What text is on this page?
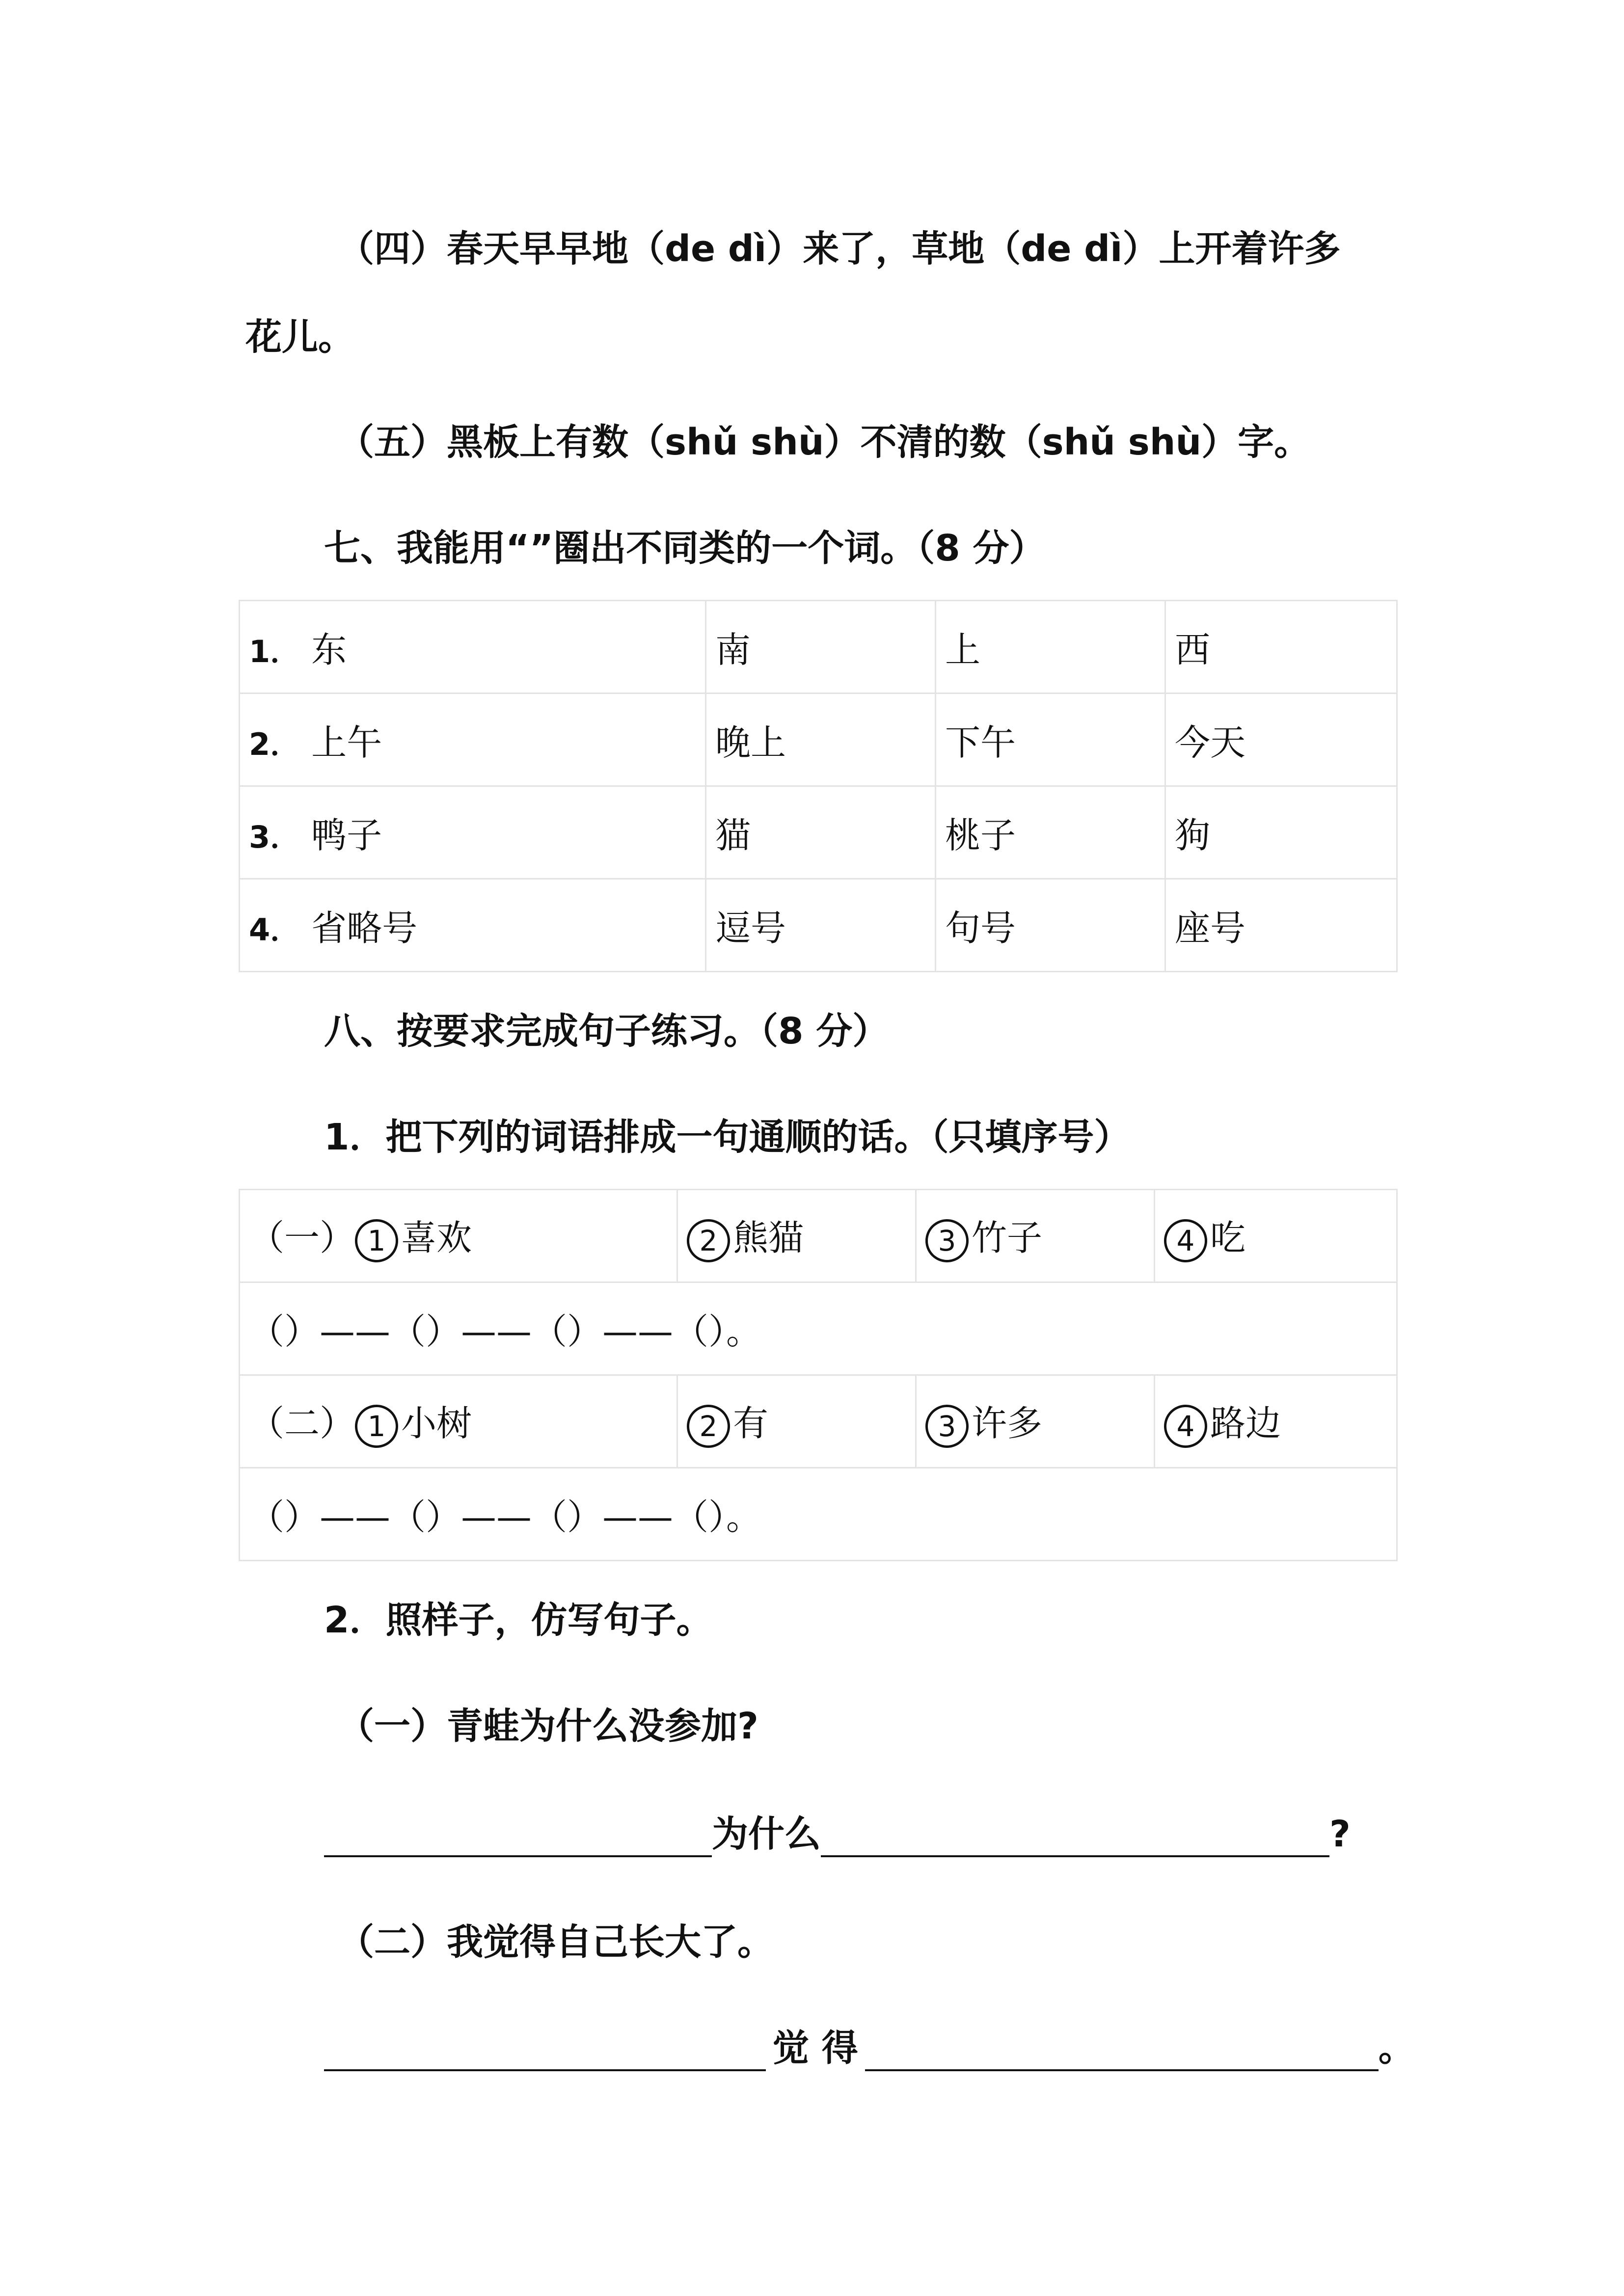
（四）春天早早地（de dì）来了，草地（de dì）上开着许多
花儿。
（五）黑板上有数（shǔ shù）不清的数（shǔ shù）字。
七、我能用“”圈出不同类的一个词。（8 分）
1． 东	南	上	西
2． 上午	晚上	下午	今天
3． 鸭子	猫	桃子	狗
4． 省略号	逗号	句号	座号
八、按要求完成句子练习。（8 分）
1．把下列的词语排成一句通顺的话。（只填序号）
（一） 1 喜欢	2 熊猫	3 竹子	4 吃
（）——（）——（）——（）。			
（二） 1 小树	2 有	3 许多	4 路边
（）——（）——（）——（）。			
2．照样子，仿写句子。
（一）青蛙为什么没参加?
为什么	?
（二）我觉得自己长大了。
觉 得	。
